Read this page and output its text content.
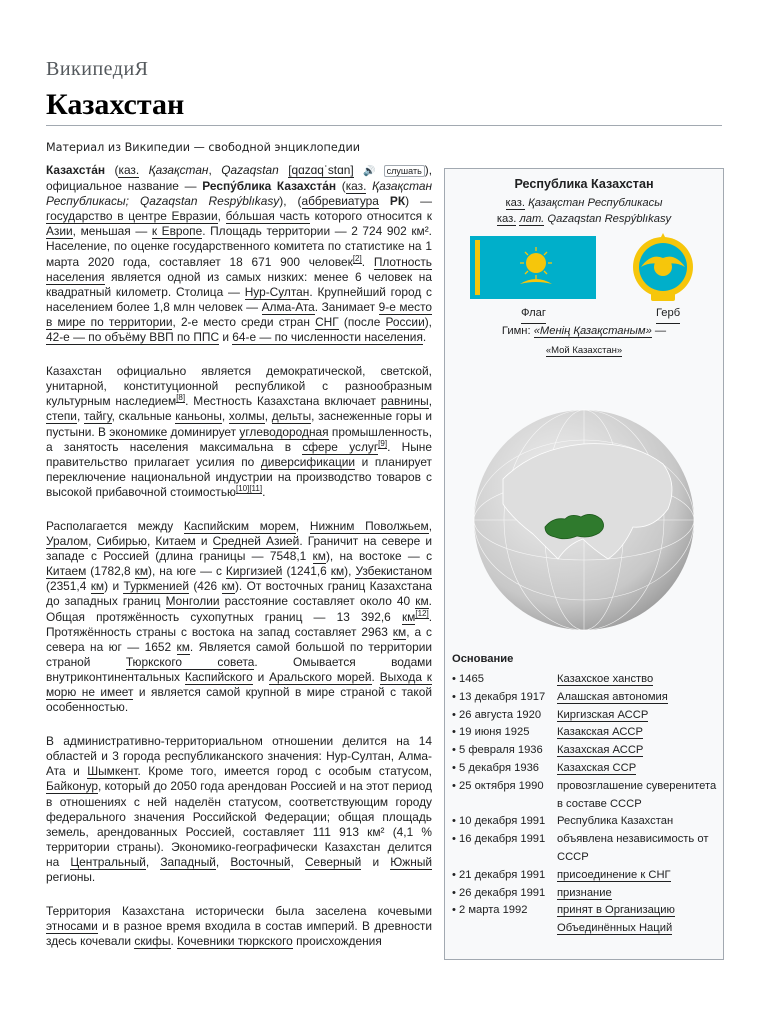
ВикипедиЯ
Казахстан
Материал из Википедии — свободной энциклопедии

Казахста́н (каз. Қазақстан, Qazaqstan [qɑzɑqˈstɑn] 🔊 слушать ), официальное название — Респу́блика Казахста́н (каз. Қазақстан Республикасы; Qazaqstan Respýblıkasy), (аббревиатура РК) — государство в центре Евразии, бо́льшая часть которого относится к Азии, меньшая — к Европе. Площадь территории — 2 724 902 км². Население, по оценке государственного комитета по статистике на 1 марта 2020 года, составляет 18 671 900 человек[2]. Плотность населения является одной из самых низких: менее 6 человек на квадратный километр. Столица — Нур-Султан. Крупнейший город с населением более 1,8 млн человек — Алма-Ата. Занимает 9-е место в мире по территории, 2-е место среди стран СНГ (после России), 42-е — по объёму ВВП по ППС и 64-е — по численности населения.

Казахстан официально является демократической, светской, унитарной, конституционной республикой с разнообразным культурным наследием[8]. Местность Казахстана включает равнины, степи, тайгу, скальные каньоны, холмы, дельты, заснеженные горы и пустыни. В экономике доминирует углеводородная промышленность, а занятость населения максимальна в сфере услуг[9]. Ныне правительство прилагает усилия по диверсификации и планирует переключение национальной индустрии на производство товаров с высокой прибавочной стоимостью[10][11].

Располагается между Каспийским морем, Нижним Поволжьем, Уралом, Сибирью, Китаем и Средней Азией. Граничит на севере и западе с Россией (длина границы — 7548,1 км), на востоке — с Китаем (1782,8 км), на юге — с Киргизией (1241,6 км), Узбекистаном (2351,4 км) и Туркменией (426 км). От восточных границ Казахстана до западных границ Монголии расстояние составляет около 40 км. Общая протяжённость сухопутных границ — 13 392,6 км[12]. Протяжённость страны с востока на запад составляет 2963 км, а с севера на юг — 1652 км. Является самой большой по территории страной Тюркского совета. Омывается водами внутриконтинентальных Каспийского и Аральского морей. Выхода к морю не имеет и является самой крупной в мире страной с такой особенностью.

В административно-территориальном отношении делится на 14 областей и 3 города республиканского значения: Нур-Султан, Алма-Ата и Шымкент. Кроме того, имеется город с особым статусом, Байконур, который до 2050 года арендован Россией и на этот период в отношениях с ней наделён статусом, соответствующим городу федерального значения Российской Федерации; общая площадь земель, арендованных Россией, составляет 111 913 км² (4,1 % территории страны). Экономико-географически Казахстан делится на Центральный, Западный, Восточный, Северный и Южный регионы.

Территория Казахстана исторически была заселена кочевыми этносами и в разное время входила в состав империй. В древности здесь кочевали скифы. Кочевники тюркского происхождения

Республика Казахстан
каз. Қазақстан Республикасы
каз. лат. Qazaqstan Respýblıkasy
Флаг	Герб
Гимн: «Менің Қазақстаным» —
«Мой Казахстан»
Основание
• 1465	Казахское ханство
• 13 декабря 1917	Алашская автономия
• 26 августа 1920	Киргизская АССР
• 19 июня 1925	Казакская АССР
• 5 февраля 1936	Казахская АССР
• 5 декабря 1936	Казахская ССР
• 25 октября 1990	провозглашение суверенитета в составе СССР
• 10 декабря 1991	Республика Казахстан
• 16 декабря 1991	объявлена независимость от СССР
• 21 декабря 1991	присоединение к СНГ
• 26 декабря 1991	признание
• 2 марта 1992	принят в Организацию Объединённых Наций
